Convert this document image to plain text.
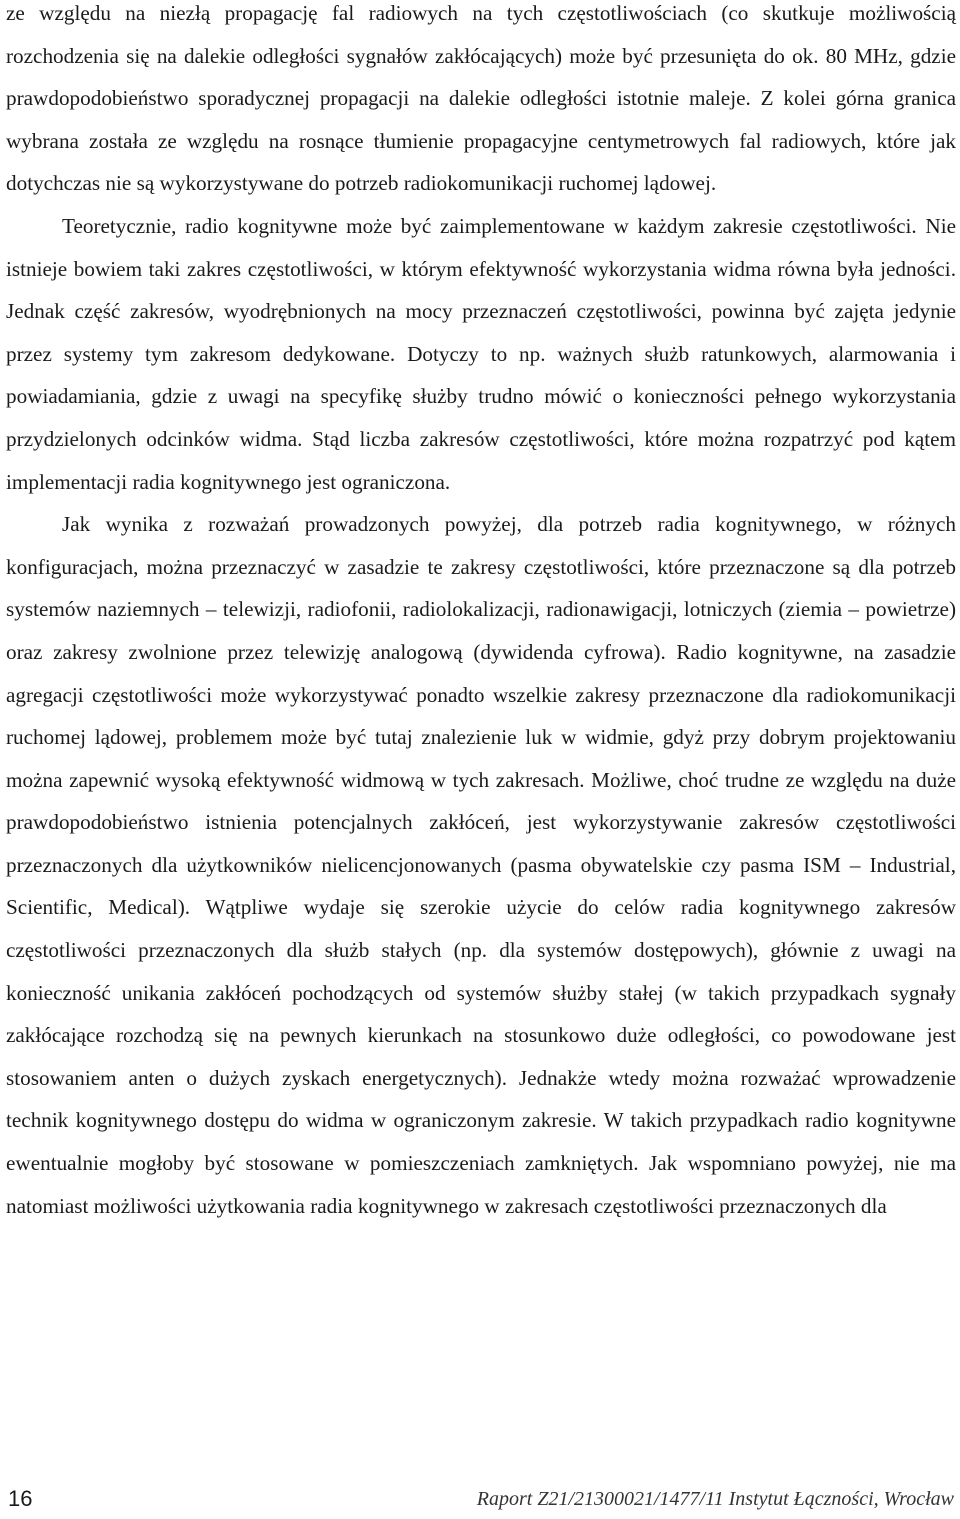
ze względu na niezłą propagację fal radiowych na tych częstotliwościach (co skutkuje możliwością rozchodzenia się na dalekie odległości sygnałów zakłócających) może być przesunięta do ok. 80 MHz, gdzie prawdopodobieństwo sporadycznej propagacji na dalekie odległości istotnie maleje. Z kolei górna granica wybrana została ze względu na rosnące tłumienie propagacyjne centymetrowych fal radiowych, które jak dotychczas nie są wykorzystywane do potrzeb radiokomunikacji ruchomej lądowej.

Teoretycznie, radio kognitywne może być zaimplementowane w każdym zakresie częstotliwości. Nie istnieje bowiem taki zakres częstotliwości, w którym efektywność wykorzystania widma równa była jedności. Jednak część zakresów, wyodrębnionych na mocy przeznaczeń częstotliwości, powinna być zajęta jedynie przez systemy tym zakresom dedykowane. Dotyczy to np. ważnych służb ratunkowych, alarmowania i powiadamiania, gdzie z uwagi na specyfikę służby trudno mówić o konieczności pełnego wykorzystania przydzielonych odcinków widma. Stąd liczba zakresów częstotliwości, które można rozpatrzyć pod kątem implementacji radia kognitywnego jest ograniczona.

Jak wynika z rozważań prowadzonych powyżej, dla potrzeb radia kognitywnego, w różnych konfiguracjach, można przeznaczyć w zasadzie te zakresy częstotliwości, które przeznaczone są dla potrzeb systemów naziemnych – telewizji, radiofonii, radiolokalizacji, radionawigacji, lotniczych (ziemia – powietrze) oraz zakresy zwolnione przez telewizję analogową (dywidenda cyfrowa). Radio kognitywne, na zasadzie agregacji częstotliwości może wykorzystywać ponadto wszelkie zakresy przeznaczone dla radiokomunikacji ruchomej lądowej, problemem może być tutaj znalezienie luk w widmie, gdyż przy dobrym projektowaniu można zapewnić wysoką efektywność widmową w tych zakresach. Możliwe, choć trudne ze względu na duże prawdopodobieństwo istnienia potencjalnych zakłóceń, jest wykorzystywanie zakresów częstotliwości przeznaczonych dla użytkowników nielicencjonowanych (pasma obywatelskie czy pasma ISM – Industrial, Scientific, Medical). Wątpliwe wydaje się szerokie użycie do celów radia kognitywnego zakresów częstotliwości przeznaczonych dla służb stałych (np. dla systemów dostępowych), głównie z uwagi na konieczność unikania zakłóceń pochodzących od systemów służby stałej (w takich przypadkach sygnały zakłócające rozchodzą się na pewnych kierunkach na stosunkowo duże odległości, co powodowane jest stosowaniem anten o dużych zyskach energetycznych). Jednakże wtedy można rozważać wprowadzenie technik kognitywnego dostępu do widma w ograniczonym zakresie. W takich przypadkach radio kognitywne ewentualnie mogłoby być stosowane w pomieszczeniach zamkniętych. Jak wspomniano powyżej, nie ma natomiast możliwości użytkowania radia kognitywnego w zakresach częstotliwości przeznaczonych dla

16	Raport Z21/21300021/1477/11 Instytut Łączności, Wrocław
